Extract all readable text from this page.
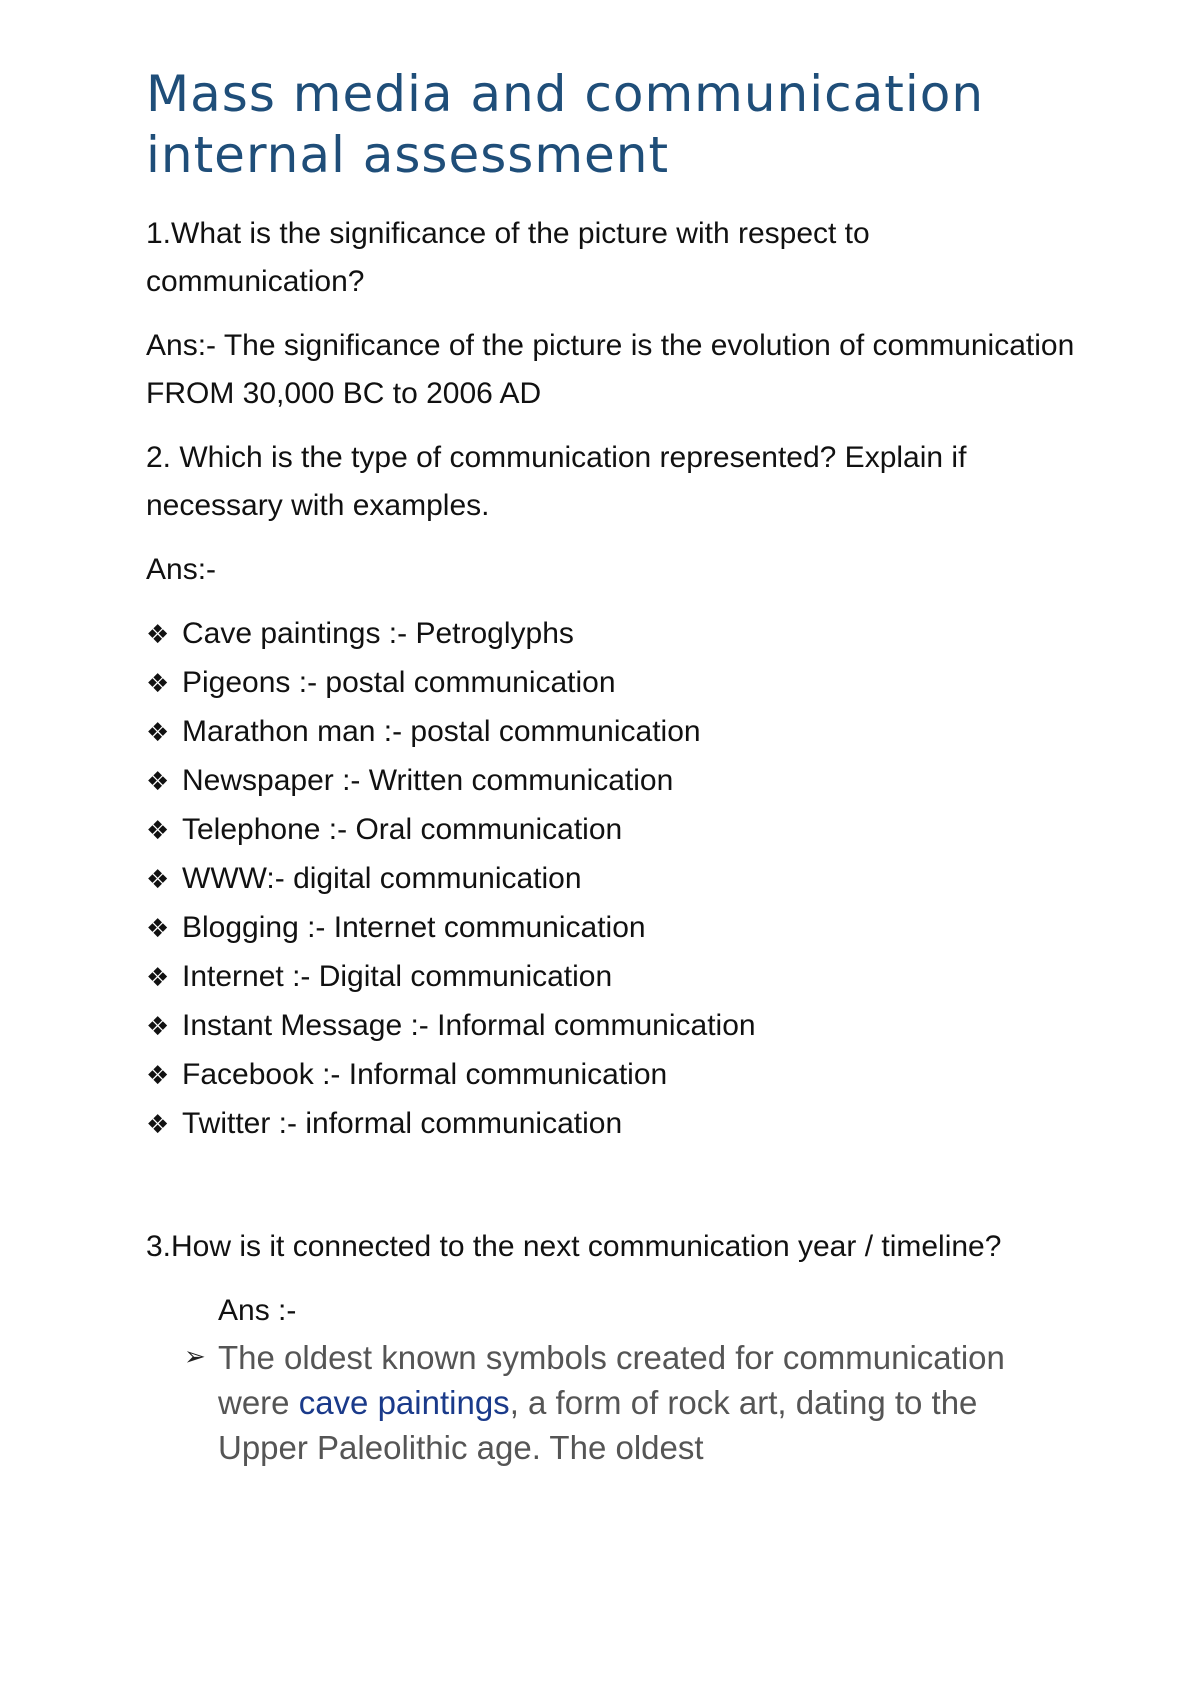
Mass media and communication internal assessment

1.What is the significance of the picture with respect to communication?

Ans:- The significance of the picture is the evolution of communication FROM 30,000 BC to 2006 AD

2. Which is the type of communication represented? Explain if necessary with examples.

Ans:-

❖ Cave paintings :- Petroglyphs
❖ Pigeons :- postal communication
❖ Marathon man :- postal communication
❖ Newspaper :- Written communication
❖ Telephone :- Oral communication
❖ WWW:- digital communication
❖ Blogging :- Internet communication
❖ Internet :- Digital communication
❖ Instant Message :- Informal communication
❖ Facebook :- Informal communication
❖ Twitter :- informal communication

3.How is it connected to the next communication year / timeline?

Ans :-

➢ The oldest known symbols created for communication were cave paintings, a form of rock art, dating to the Upper Paleolithic age. The oldest
